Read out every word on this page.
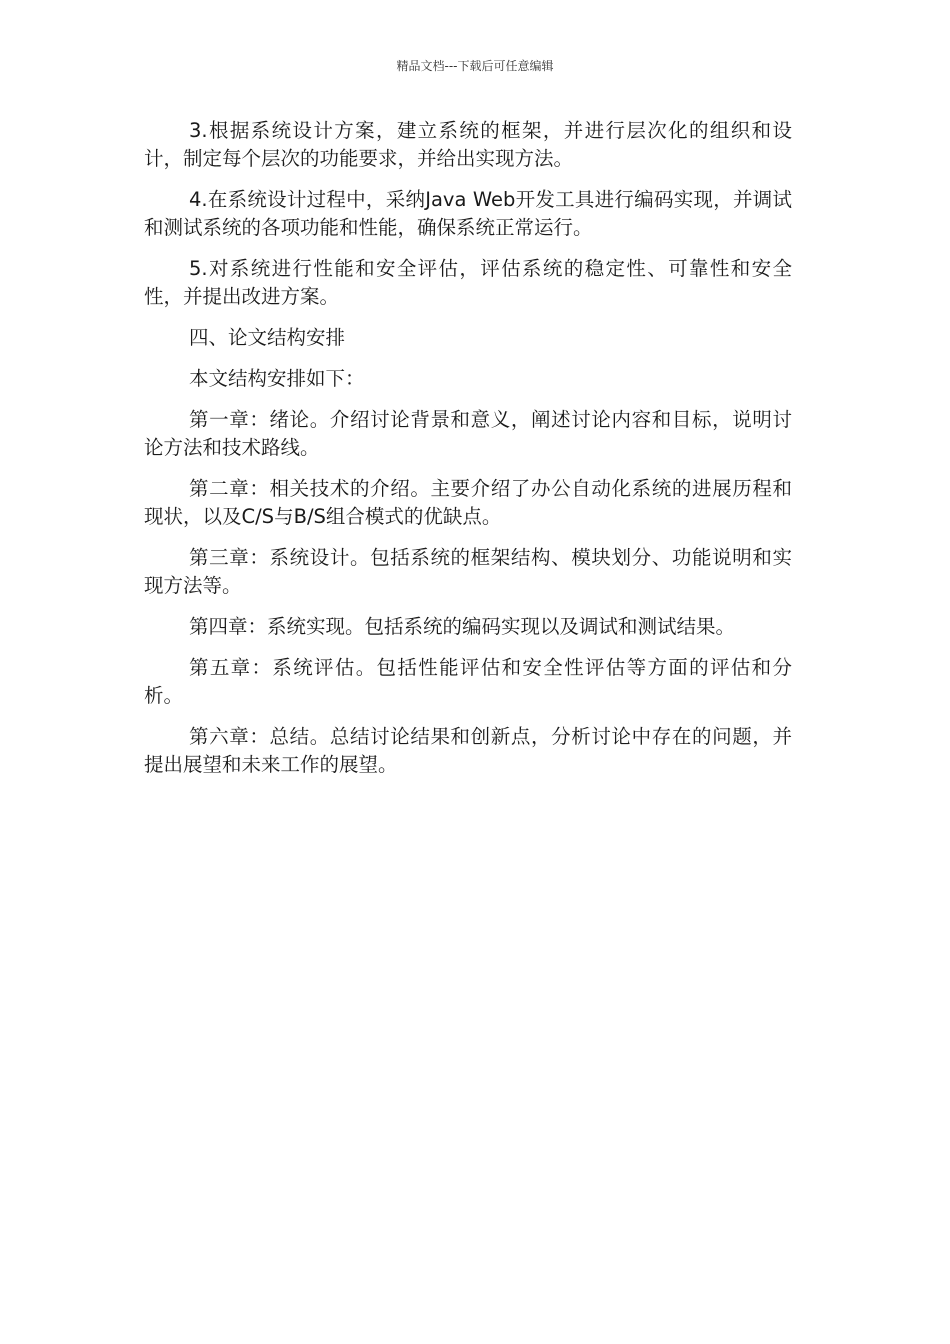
精品文档---下载后可任意编辑

3.根据系统设计方案，建立系统的框架，并进行层次化的组织和设计，制定每个层次的功能要求，并给出实现方法。

4.在系统设计过程中，采纳Java Web开发工具进行编码实现，并调试和测试系统的各项功能和性能，确保系统正常运行。

5.对系统进行性能和安全评估，评估系统的稳定性、可靠性和安全性，并提出改进方案。

四、论文结构安排

本文结构安排如下：

第一章：绪论。介绍讨论背景和意义，阐述讨论内容和目标，说明讨论方法和技术路线。

第二章：相关技术的介绍。主要介绍了办公自动化系统的进展历程和现状，以及C/S与B/S组合模式的优缺点。

第三章：系统设计。包括系统的框架结构、模块划分、功能说明和实现方法等。

第四章：系统实现。包括系统的编码实现以及调试和测试结果。

第五章：系统评估。包括性能评估和安全性评估等方面的评估和分析。

第六章：总结。总结讨论结果和创新点，分析讨论中存在的问题，并提出展望和未来工作的展望。
